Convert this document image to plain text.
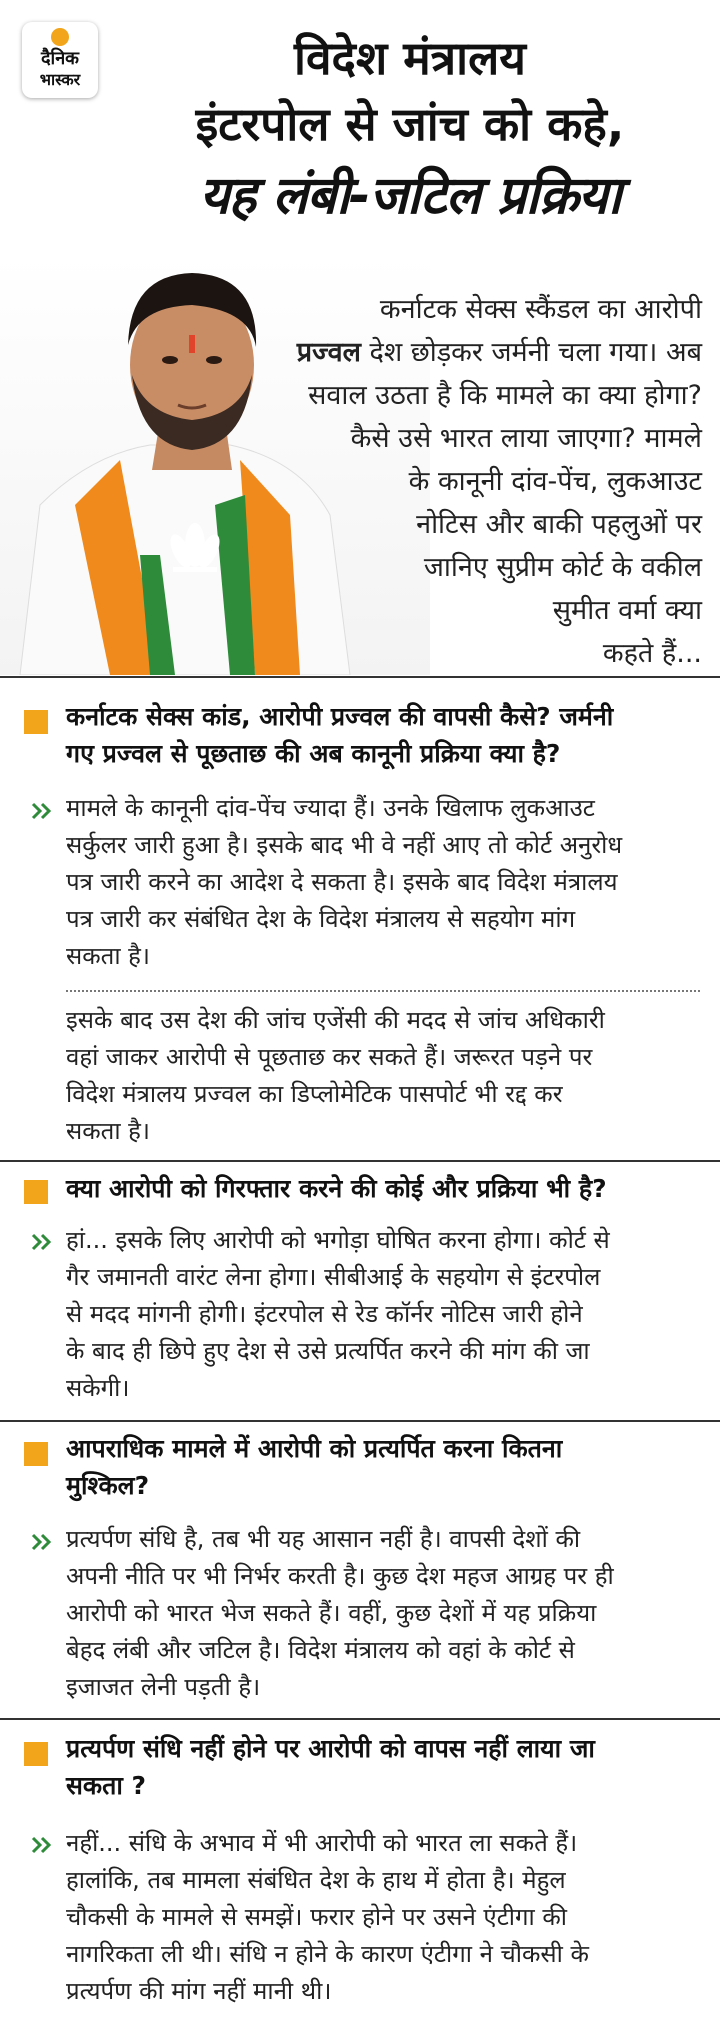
दैनिक
भास्कर	विदेश मंत्रालय
इंटरपोल से जांच को कहे,
यह लंबी-जटिल प्रक्रिया
कर्नाटक सेक्स स्कैंडल का आरोपी
प्रज्वल देश छोड़कर जर्मनी चला गया। अब
सवाल उठता है कि मामले का क्या होगा?
कैसे उसे भारत लाया जाएगा? मामले
के कानूनी दांव-पेंच, लुकआउट
नोटिस और बाकी पहलुओं पर
जानिए सुप्रीम कोर्ट के वकील
सुमीत वर्मा क्या
कहते हैं...
कर्नाटक सेक्स कांड, आरोपी प्रज्वल की वापसी कैसे? जर्मनी
गए प्रज्वल से पूछताछ की अब कानूनी प्रक्रिया क्या है?
मामले के कानूनी दांव-पेंच ज्यादा हैं। उनके खिलाफ लुकआउट
सर्कुलर जारी हुआ है। इसके बाद भी वे नहीं आए तो कोर्ट अनुरोध
पत्र जारी करने का आदेश दे सकता है। इसके बाद विदेश मंत्रालय
पत्र जारी कर संबंधित देश के विदेश मंत्रालय से सहयोग मांग
सकता है।
इसके बाद उस देश की जांच एजेंसी की मदद से जांच अधिकारी
वहां जाकर आरोपी से पूछताछ कर सकते हैं। जरूरत पड़ने पर
विदेश मंत्रालय प्रज्वल का डिप्लोमेटिक पासपोर्ट भी रद्द कर
सकता है।
क्या आरोपी को गिरफ्तार करने की कोई और प्रक्रिया भी है?
हां... इसके लिए आरोपी को भगोड़ा घोषित करना होगा। कोर्ट से
गैर जमानती वारंट लेना होगा। सीबीआई के सहयोग से इंटरपोल
से मदद मांगनी होगी। इंटरपोल से रेड कॉर्नर नोटिस जारी होने
के बाद ही छिपे हुए देश से उसे प्रत्यर्पित करने की मांग की जा
सकेगी।
आपराधिक मामले में आरोपी को प्रत्यर्पित करना कितना
मुश्किल?
प्रत्यर्पण संधि है, तब भी यह आसान नहीं है। वापसी देशों की
अपनी नीति पर भी निर्भर करती है। कुछ देश महज आग्रह पर ही
आरोपी को भारत भेज सकते हैं। वहीं, कुछ देशों में यह प्रक्रिया
बेहद लंबी और जटिल है। विदेश मंत्रालय को वहां के कोर्ट से
इजाजत लेनी पड़ती है।
प्रत्यर्पण संधि नहीं होने पर आरोपी को वापस नहीं लाया जा
सकता ?
नहीं... संधि के अभाव में भी आरोपी को भारत ला सकते हैं।
हालांकि, तब मामला संबंधित देश के हाथ में होता है। मेहुल
चौकसी के मामले से समझें। फरार होने पर उसने एंटीगा की
नागरिकता ली थी। संधि न होने के कारण एंटीगा ने चौकसी के
प्रत्यर्पण की मांग नहीं मानी थी।
